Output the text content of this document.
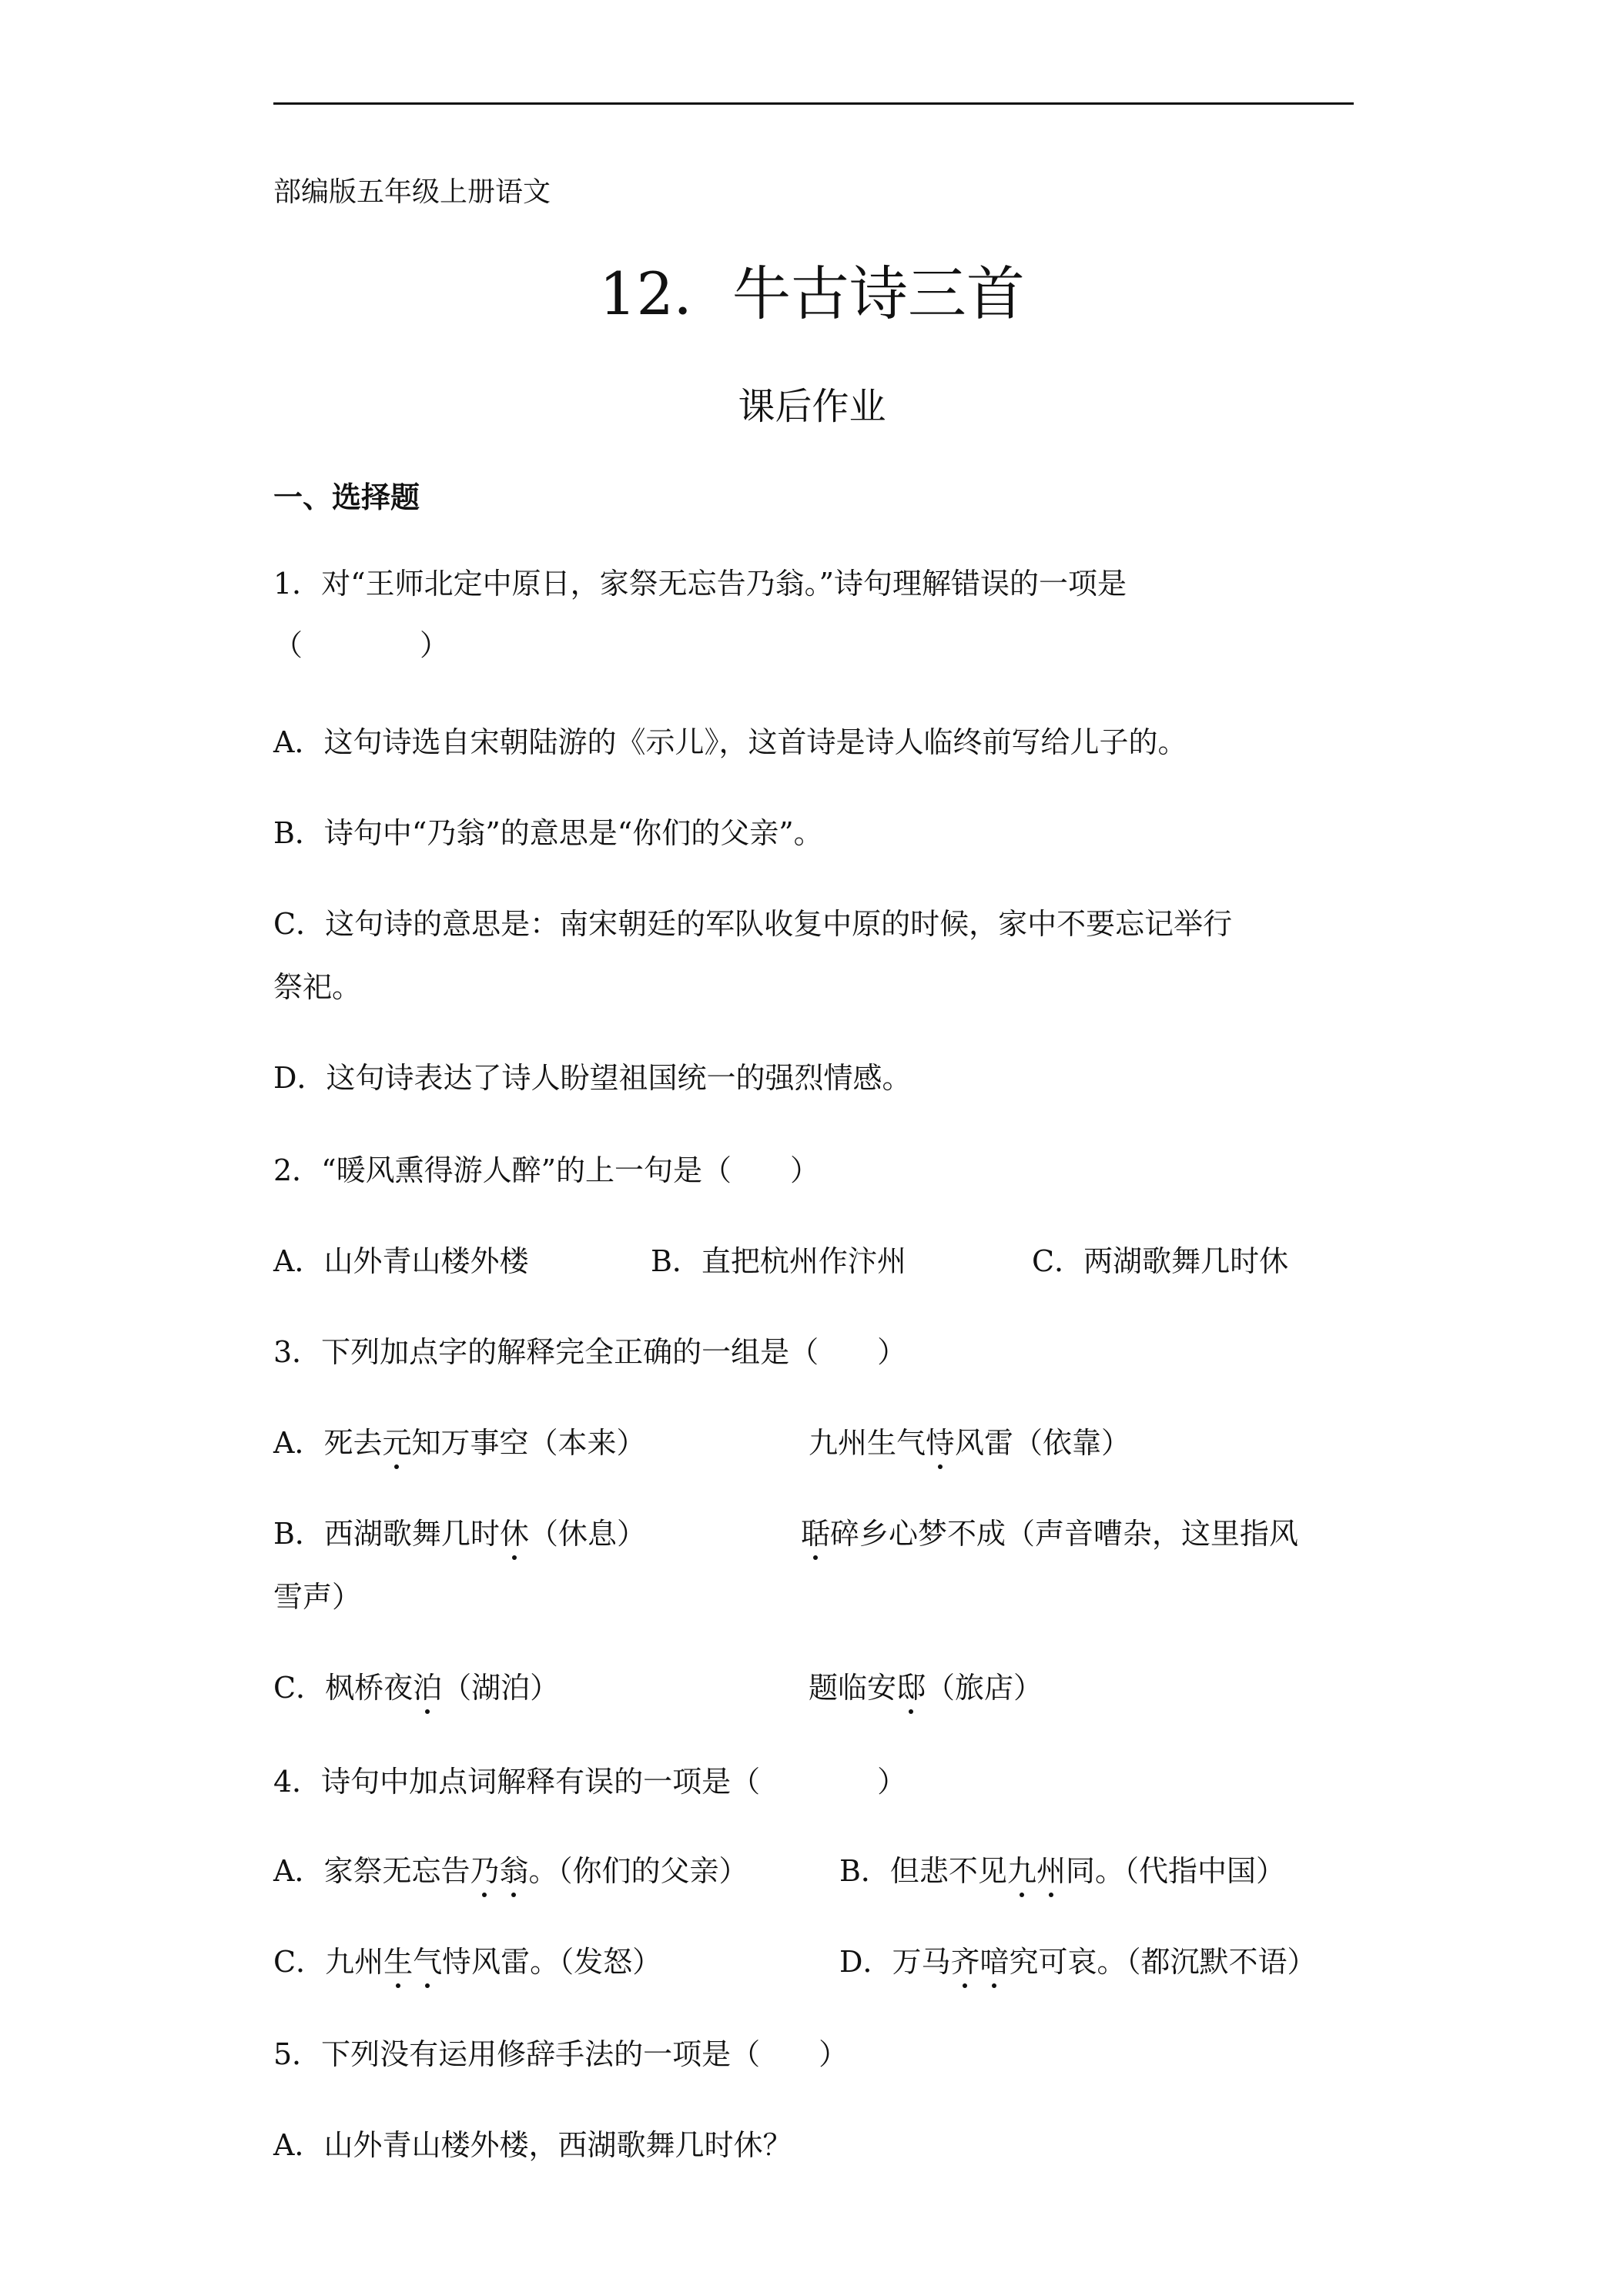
部编版五年级上册语文
12．牛古诗三首
课后作业
一、选择题
1．对“王师北定中原日，家祭无忘告乃翁。”诗句理解错误的一项是
（　　　　）
A．这句诗选自宋朝陆游的《示儿》，这首诗是诗人临终前写给儿子的。
B．诗句中“乃翁”的意思是“你们的父亲”。
C．这句诗的意思是：南宋朝廷的军队收复中原的时候，家中不要忘记举行
祭祀。
D．这句诗表达了诗人盼望祖国统一的强烈情感。
2．“暖风熏得游人醉”的上一句是（　　）
A．山外青山楼外楼	B．直把杭州作汴州	C．两湖歌舞几时休
3．下列加点字的解释完全正确的一组是（　　）
A．死去元知万事空（本来）	九州生气恃风雷（依靠）
B．西湖歌舞几时休（休息）	聒碎乡心梦不成（声音嘈杂，这里指风
雪声）
C．枫桥夜泊（湖泊）	题临安邸（旅店）
4．诗句中加点词解释有误的一项是（　　　　）
A．家祭无忘告乃翁。（你们的父亲）	B．但悲不见九州同。（代指中国）
C．九州生气恃风雷。（发怒）	D．万马齐喑究可哀。（都沉默不语）
5．下列没有运用修辞手法的一项是（　　）
A．山外青山楼外楼，西湖歌舞几时休？
